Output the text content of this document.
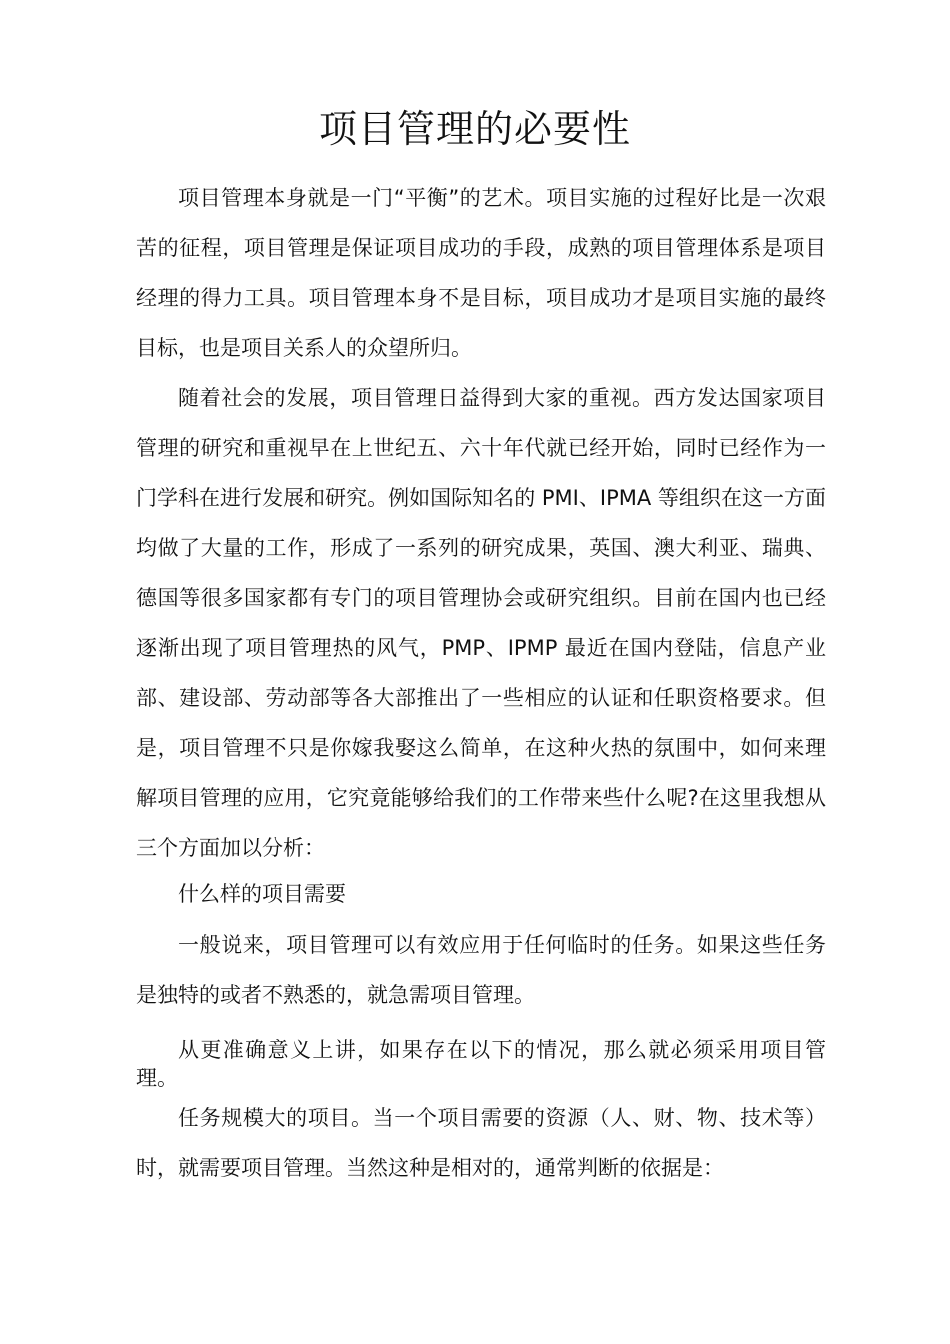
项目管理的必要性

项目管理本身就是一门“平衡”的艺术。项目实施的过程好比是一次艰苦的征程，项目管理是保证项目成功的手段，成熟的项目管理体系是项目经理的得力工具。项目管理本身不是目标，项目成功才是项目实施的最终目标，也是项目关系人的众望所归。

随着社会的发展，项目管理日益得到大家的重视。西方发达国家项目管理的研究和重视早在上世纪五、六十年代就已经开始，同时已经作为一门学科在进行发展和研究。例如国际知名的 PMI、IPMA 等组织在这一方面均做了大量的工作，形成了一系列的研究成果，英国、澳大利亚、瑞典、德国等很多国家都有专门的项目管理协会或研究组织。目前在国内也已经逐渐出现了项目管理热的风气，PMP、IPMP 最近在国内登陆，信息产业部、建设部、劳动部等各大部推出了一些相应的认证和任职资格要求。但是，项目管理不只是你嫁我娶这么简单，在这种火热的氛围中，如何来理解项目管理的应用，它究竟能够给我们的工作带来些什么呢?在这里我想从三个方面加以分析：

什么样的项目需要

一般说来，项目管理可以有效应用于任何临时的任务。如果这些任务是独特的或者不熟悉的，就急需项目管理。

从更准确意义上讲，如果存在以下的情况，那么就必须采用项目管理。

任务规模大的项目。当一个项目需要的资源（人、财、物、技术等）时，就需要项目管理。当然这种是相对的，通常判断的依据是：
